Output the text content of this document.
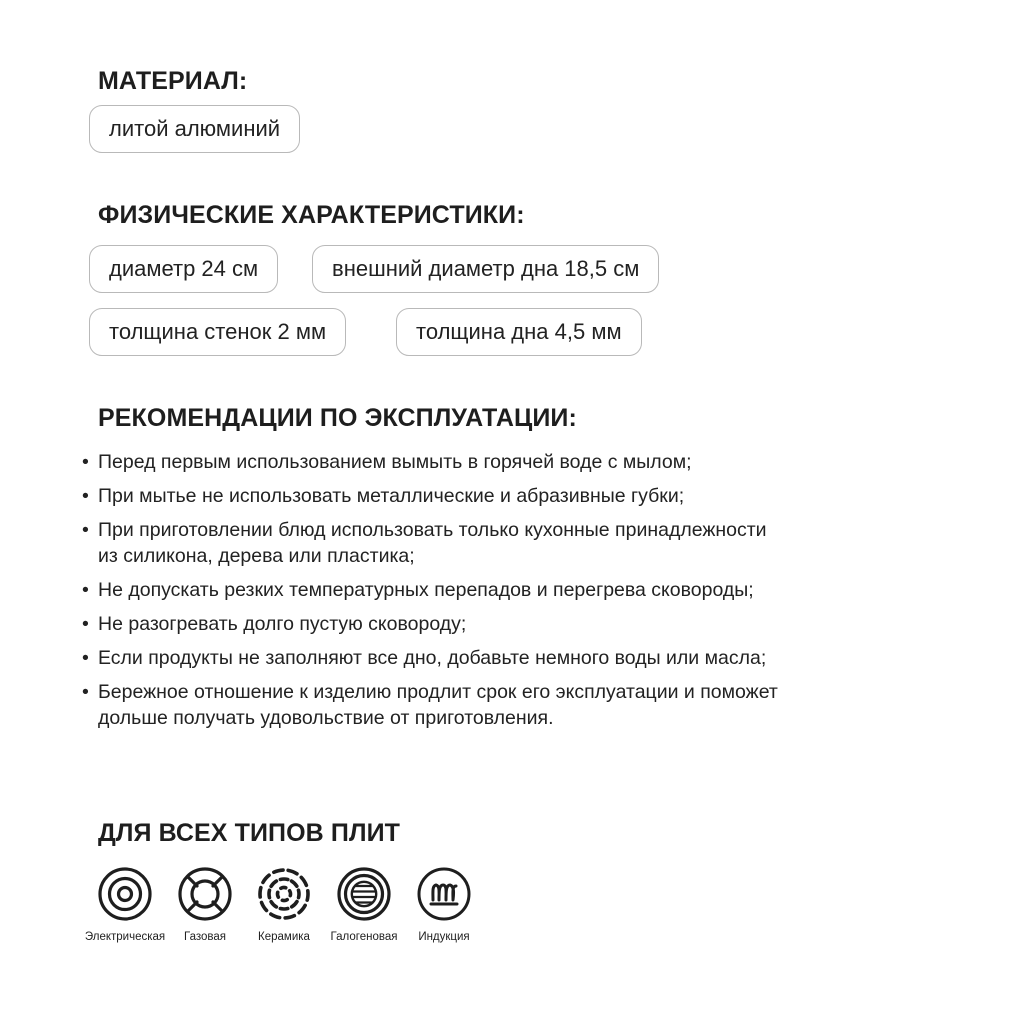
МАТЕРИАЛ:
литой алюминий
ФИЗИЧЕСКИЕ ХАРАКТЕРИСТИКИ:
диаметр 24 см	внешний диаметр дна 18,5 см
толщина стенок 2 мм	толщина дна 4,5 мм
РЕКОМЕНДАЦИИ ПО ЭКСПЛУАТАЦИИ:
• Перед первым использованием вымыть в горячей воде с мылом;
• При мытье не использовать металлические и абразивные губки;
• При приготовлении блюд использовать только кухонные принадлежности из силикона, дерева или пластика;
• Не допускать резких температурных перепадов и перегрева сковороды;
• Не разогревать долго пустую сковороду;
• Если продукты не заполняют все дно, добавьте немного воды или масла;
• Бережное отношение к изделию продлит срок его эксплуатации и поможет дольше получать удовольствие от приготовления.
ДЛЯ ВСЕХ ТИПОВ ПЛИТ
Электрическая	Газовая	Керамика	Галогеновая	Индукция
